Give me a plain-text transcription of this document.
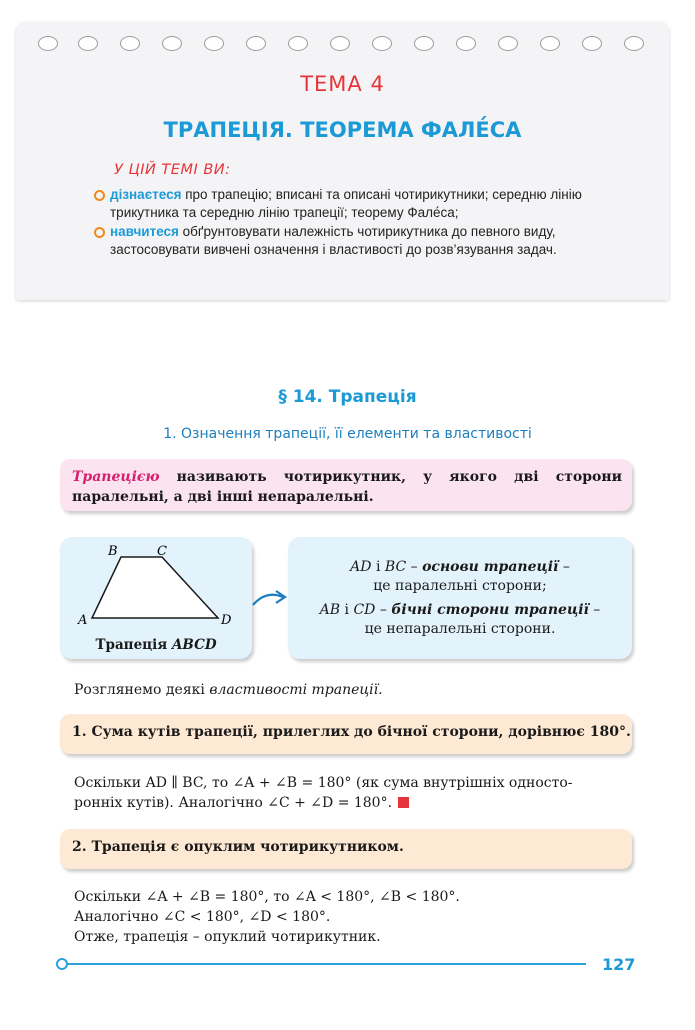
ТЕМА 4
ТРАПЕЦІЯ. ТЕОРЕМА ФАЛЕ́СА
У ЦІЙ ТЕМІ ВИ:
дізнаєтеся про трапецію; вписані та описані чотирикутники; середню лінію трикутника та середню лінію трапеції; теорему Фале́са;
навчитеся обґрунтовувати належність чотирикутника до певного виду, застосовувати вивчені означення і властивості до розв’язування задач.
§ 14. Трапеція
1. Означення трапеції, її елементи та властивості
Трапецією називають чотирикутник, у якого дві сторони паралельні, а дві інші непаралельні.
B	C
A	D
Трапеція ABCD
AD і BC – основи трапеції –
це паралельні сторони;
AB і CD – бічні сторони трапеції –
це непаралельні сторони.
Розглянемо деякі властивості трапеції.
1. Сума кутів трапеції, прилеглих до бічної сторони, дорівнює 180°.
Оскільки AD ∥ BC, то ∠A + ∠B = 180° (як сума внутрішніх односто-
ронніх кутів). Аналогічно ∠C + ∠D = 180°.
2. Трапеція є опуклим чотирикутником.
Оскільки ∠A + ∠B = 180°, то ∠A < 180°, ∠B < 180°.
Аналогічно ∠C < 180°, ∠D < 180°.
Отже, трапеція – опуклий чотирикутник.
127
